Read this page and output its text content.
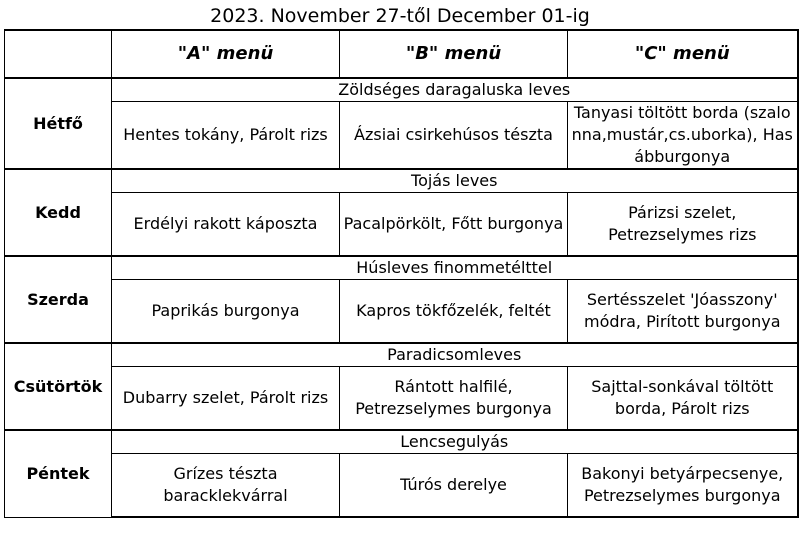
2023. November 27-től December 01-ig
	"A" menü	"B" menü	"C" menü
Hétfő	Zöldséges daragaluska leves		
	Hentes tokány, Párolt rizs	Ázsiai csirkehúsos tészta	Tanyasi töltött borda (szalonna,mustár,cs.uborka), Hasábburgonya
Kedd	Tojás leves		
	Erdélyi rakott káposzta	Pacalpörkölt, Főtt burgonya	Párizsi szelet, Petrezselymes rizs
Szerda	Húsleves finommetélttel		
	Paprikás burgonya	Kapros tökfőzelék, feltét	Sertésszelet 'Jóasszony' módra, Pirított burgonya
Csütörtök	Paradicsomleves		
	Dubarry szelet, Párolt rizs	Rántott halfilé, Petrezselymes burgonya	Sajttal-sonkával töltött borda, Párolt rizs
Péntek	Lencsegulyás		
	Grízes tészta baracklekvárral	Túrós derelye	Bakonyi betyárpecsenye, Petrezselymes burgonya
